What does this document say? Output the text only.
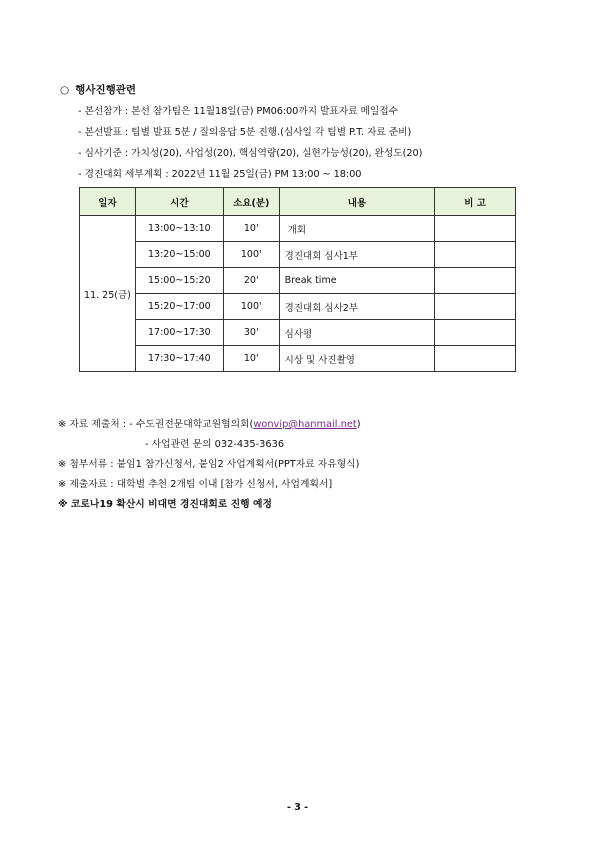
○ 행사진행관련
- 본선참가 : 본선 참가팀은 11월18일(금) PM06:00까지 발표자료 메일접수
- 본선발표 : 팀별 발표 5분 / 질의응답 5분 진행.(심사일 각 팀별 P.T. 자료 준비)
- 심사기준 : 가치성(20), 사업성(20), 핵심역량(20), 실현가능성(20), 완성도(20)
- 경진대회 세부계획 : 2022년 11월 25일(금) PM 13:00 ~ 18:00
일자	시간	소요(분)	내용	비 고
11. 25(금)	13:00~13:10	10'	개회	
	13:20~15:00	100'	경진대회 심사1부	
	15:00~15:20	20'	Break time	
	15:20~17:00	100'	경진대회 심사2부	
	17:00~17:30	30'	심사평	
	17:30~17:40	10'	시상 및 사진촬영	
※ 자료 제출처 : - 수도권전문대학교원협의회(wonvip@hanmail.net)
- 사업관련 문의 032-435-3636
※ 첨부서류 : 붙임1 참가신청서, 붙임2 사업계획서(PPT자료 자유형식)
※ 제출자료 : 대학별 추천 2개팀 이내 [참가 신청서, 사업계획서]
※ 코로나19 확산시 비대면 경진대회로 진행 예정
- 3 -
